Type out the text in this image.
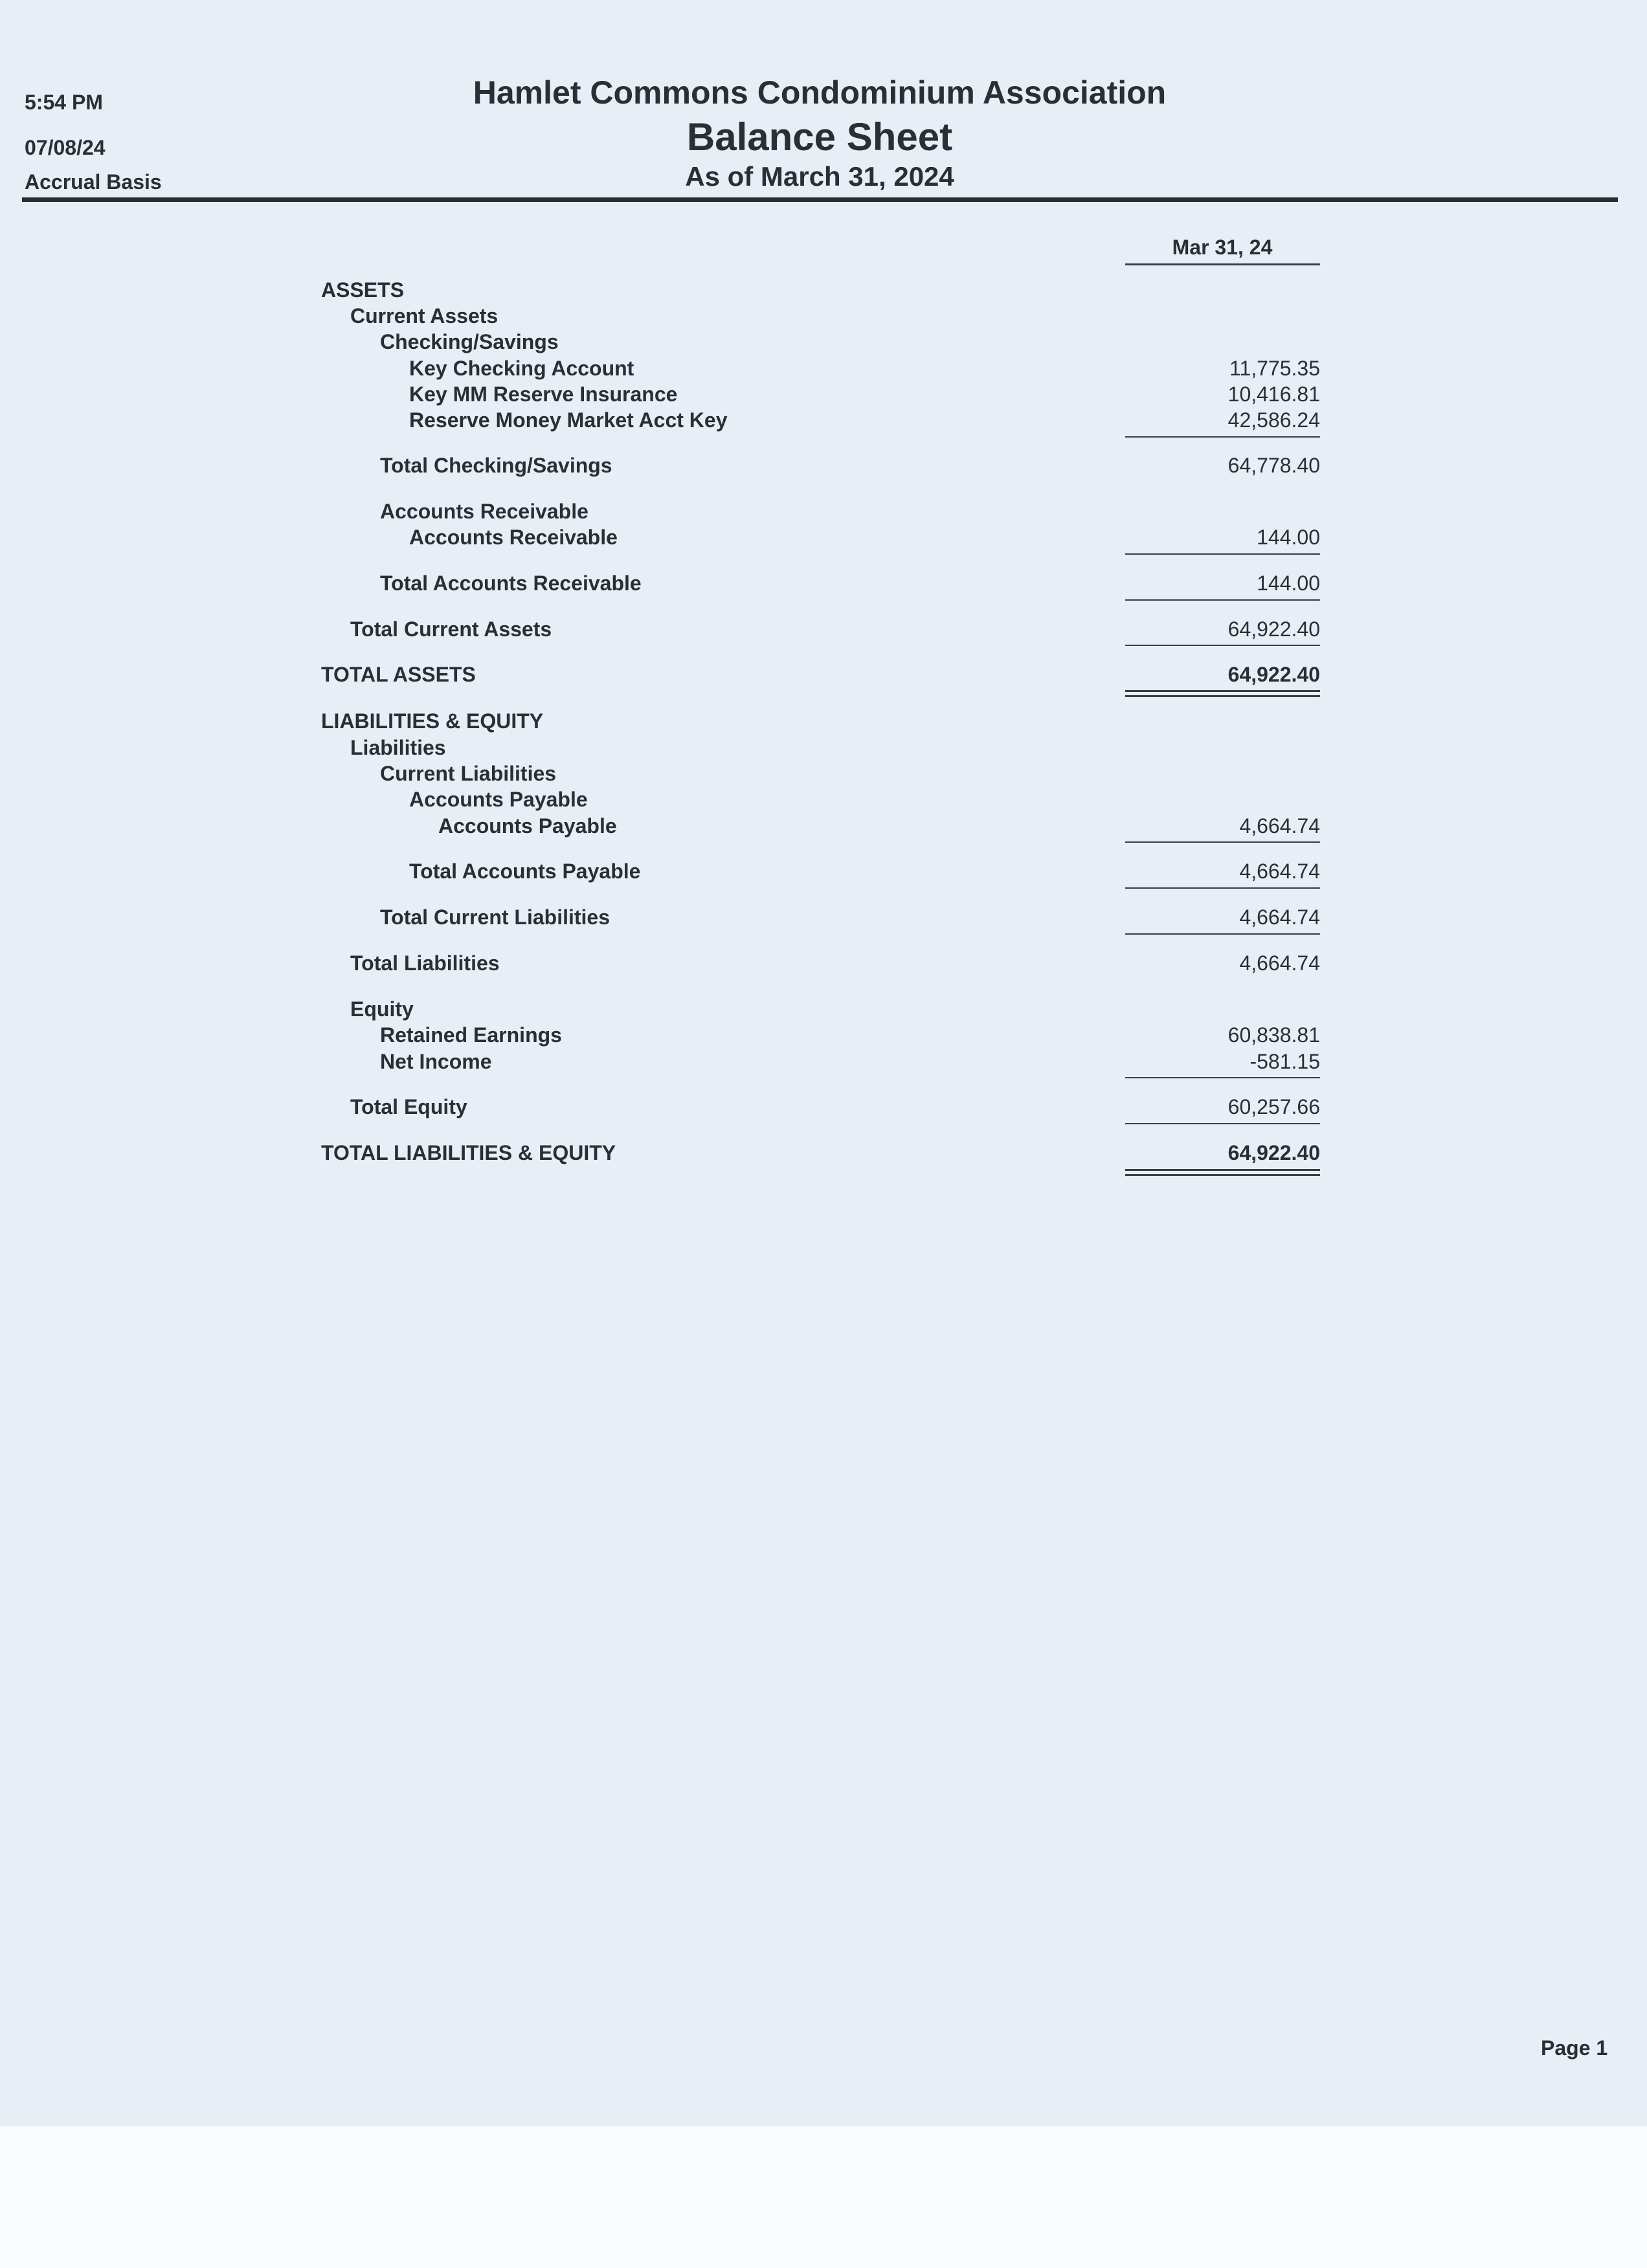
5:54 PM
07/08/24
Accrual Basis
Hamlet Commons Condominium Association
Balance Sheet
As of March 31, 2024
Mar 31, 24
ASSETS
Current Assets
Checking/Savings
Key Checking Account	11,775.35
Key MM Reserve Insurance	10,416.81
Reserve Money Market Acct Key	42,586.24
Total Checking/Savings	64,778.40
Accounts Receivable
Accounts Receivable	144.00
Total Accounts Receivable	144.00
Total Current Assets	64,922.40
TOTAL ASSETS	64,922.40
LIABILITIES & EQUITY
Liabilities
Current Liabilities
Accounts Payable
Accounts Payable	4,664.74
Total Accounts Payable	4,664.74
Total Current Liabilities	4,664.74
Total Liabilities	4,664.74
Equity
Retained Earnings	60,838.81
Net Income	-581.15
Total Equity	60,257.66
TOTAL LIABILITIES & EQUITY	64,922.40
Page 1
